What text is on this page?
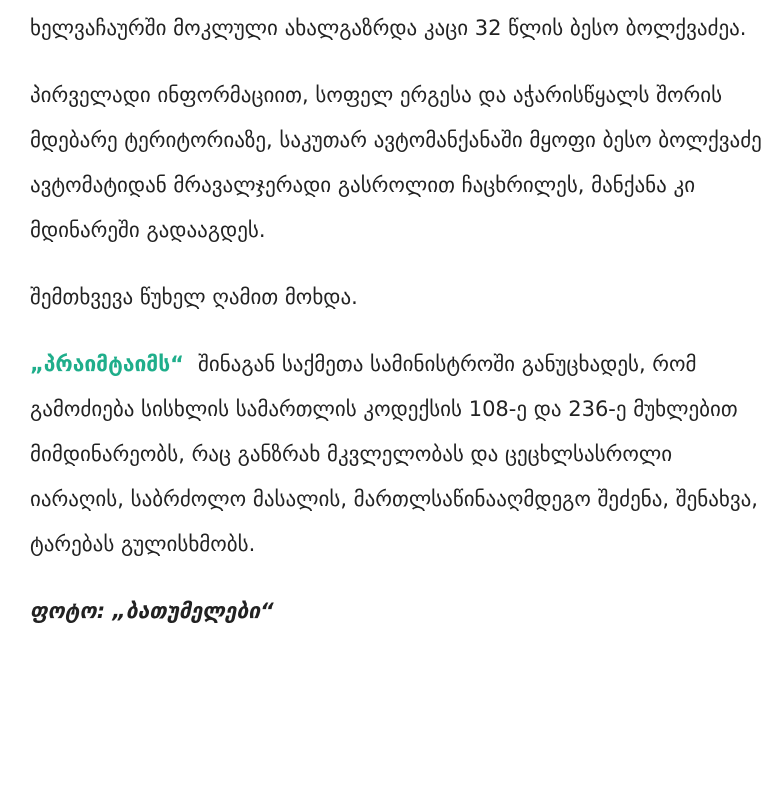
ხელვაჩაურში მოკლული ახალგაზრდა კაცი 32 წლის ბესო ბოლქვაძეა.

პირველადი ინფორმაციით, სოფელ ერგესა და აჭარისწყალს შორის მდებარე ტერიტორიაზე, საკუთარ ავტომანქანაში მყოფი ბესო ბოლქვაძე ავტომატიდან მრავალჯერადი გასროლით ჩაცხრილეს, მანქანა კი მდინარეში გადააგდეს.

შემთხვევა წუხელ ღამით მოხდა.

„პრაიმტაიმს“ შინაგან საქმეთა სამინისტროში განუცხადეს, რომ გამოძიება სისხლის სამართლის კოდექსის 108-ე და 236-ე მუხლებით მიმდინარეობს, რაც განზრახ მკვლელობას და ცეცხლსასროლი იარაღის, საბრძოლო მასალის, მართლსაწინააღმდეგო შეძენა, შენახვა, ტარებას გულისხმობს.

ფოტო: „ბათუმელები“
